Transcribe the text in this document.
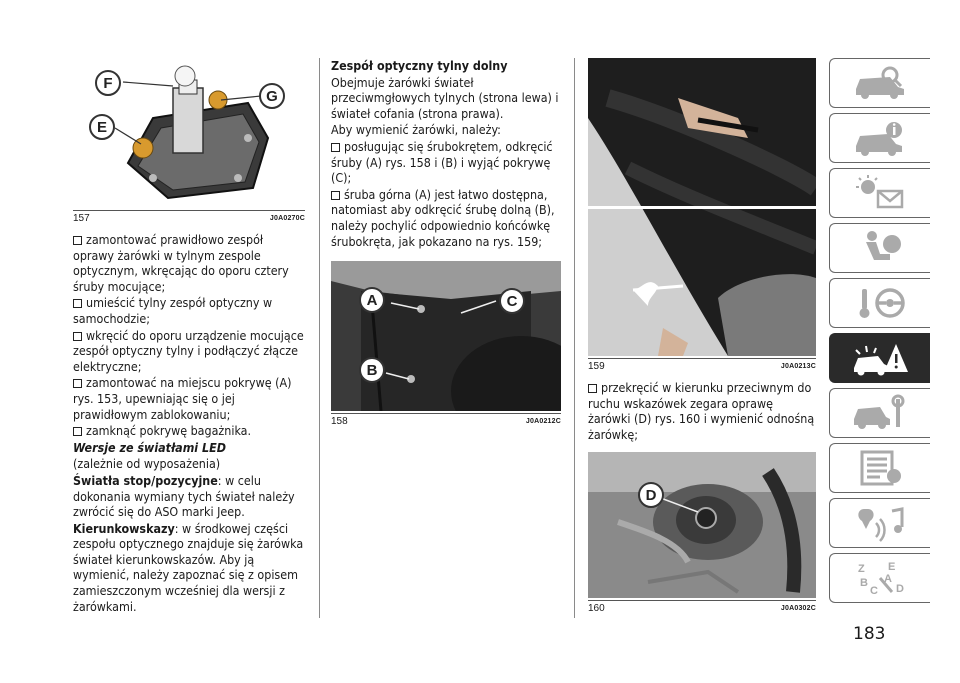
F
G
E
157	J0A0270C

zamontować prawidłowo zespół oprawy żarówki w tylnym zespole optycznym, wkręcając do oporu cztery śruby mocujące;

umieścić tylny zespół optyczny w samochodzie;

wkręcić do oporu urządzenie mocujące zespół optyczny tylny i podłączyć złącze elektryczne;

zamontować na miejscu pokrywę (A) rys. 153, upewniając się o jej prawidłowym zablokowaniu;

zamknąć pokrywę bagażnika.

Wersje ze światłami LED

(zależnie od wyposażenia)

Światła stop/pozycyjne: w celu dokonania wymiany tych świateł należy zwrócić się do ASO marki Jeep.

Kierunkowskazy: w środkowej części zespołu optycznego znajduje się żarówka świateł kierunkowskazów. Aby ją wymienić, należy zapoznać się z opisem zamieszczonym wcześniej dla wersji z żarówkami.

Zespół optyczny tylny dolny

Obejmuje żarówki świateł przeciwmgłowych tylnych (strona lewa) i świateł cofania (strona prawa).

Aby wymienić żarówki, należy:

posługując się śrubokrętem, odkręcić śruby (A) rys. 158 i (B) i wyjąć pokrywę (C);

śruba górna (A) jest łatwo dostępna, natomiast aby odkręcić śrubę dolną (B), należy pochylić odpowiednio końcówkę śrubokręta, jak pokazano na rys. 159;

A	C
B
158	J0A0212C
159	J0A0213C

przekręcić w kierunku przeciwnym do ruchu wskazówek zegara oprawę żarówki (D) rys. 160 i wymienić odnośną żarówkę;

D
160	J0A0302C
Z E
B A
C D
183
